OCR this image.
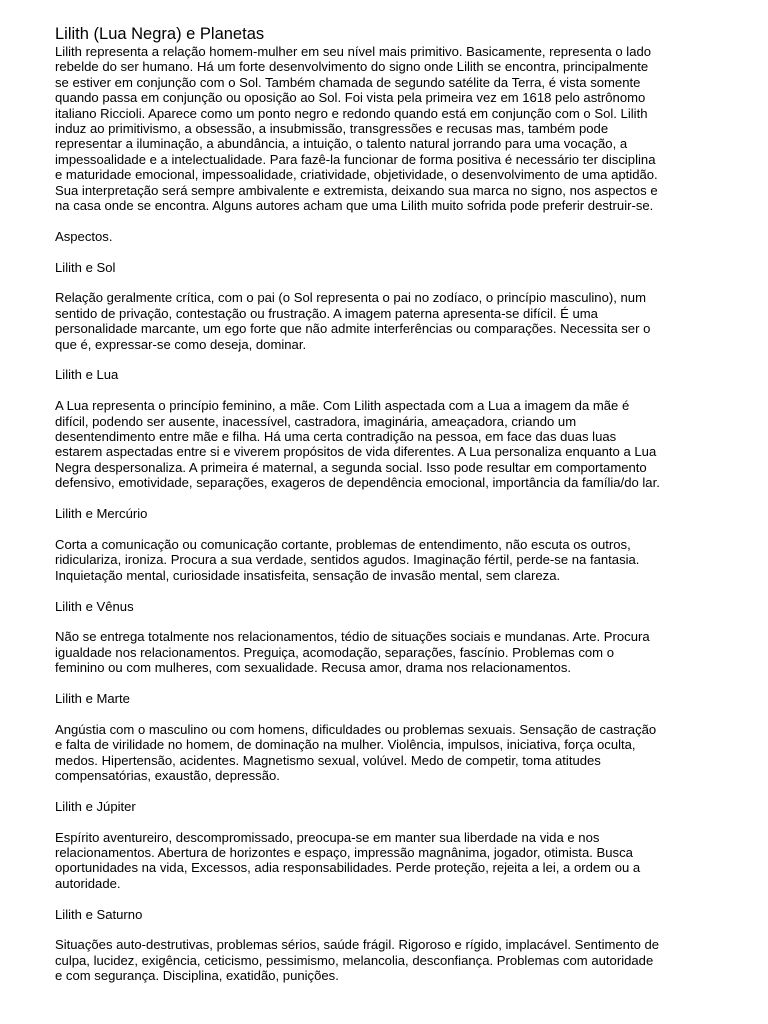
Lilith (Lua Negra) e Planetas

Lilith representa a relação homem-mulher em seu nível mais primitivo. Basicamente, representa o lado
rebelde do ser humano. Há um forte desenvolvimento do signo onde Lilith se encontra, principalmente
se estiver em conjunção com o Sol. Também chamada de segundo satélite da Terra, é vista somente
quando passa em conjunção ou oposição ao Sol. Foi vista pela primeira vez em 1618 pelo astrônomo
italiano Riccioli. Aparece como um ponto negro e redondo quando está em conjunção com o Sol. Lilith
induz ao primitivismo, a obsessão, a insubmissão, transgressões e recusas mas, também pode
representar a iluminação, a abundância, a intuição, o talento natural jorrando para uma vocação, a
impessoalidade e a intelectualidade. Para fazê-la funcionar de forma positiva é necessário ter disciplina
e maturidade emocional, impessoalidade, criatividade, objetividade, o desenvolvimento de uma aptidão.
Sua interpretação será sempre ambivalente e extremista, deixando sua marca no signo, nos aspectos e
na casa onde se encontra. Alguns autores acham que uma Lilith muito sofrida pode preferir destruir-se.

Aspectos.

Lilith e Sol

Relação geralmente crítica, com o pai (o Sol representa o pai no zodíaco, o princípio masculino), num
sentido de privação, contestação ou frustração. A imagem paterna apresenta-se difícil. É uma
personalidade marcante, um ego forte que não admite interferências ou comparações. Necessita ser o
que é, expressar-se como deseja, dominar.

Lilith e Lua

A Lua representa o princípio feminino, a mãe. Com Lilith aspectada com a Lua a imagem da mãe é
difícil, podendo ser ausente, inacessível, castradora, imaginária, ameaçadora, criando um
desentendimento entre mãe e filha. Há uma certa contradição na pessoa, em face das duas luas
estarem aspectadas entre si e viverem propósitos de vida diferentes. A Lua personaliza enquanto a Lua
Negra despersonaliza. A primeira é maternal, a segunda social. Isso pode resultar em comportamento
defensivo, emotividade, separações, exageros de dependência emocional, importância da família/do lar.

Lilith e Mercúrio

Corta a comunicação ou comunicação cortante, problemas de entendimento, não escuta os outros,
ridiculariza, ironiza. Procura a sua verdade, sentidos agudos. Imaginação fértil, perde-se na fantasia.
Inquietação mental, curiosidade insatisfeita, sensação de invasão mental, sem clareza.

Lilith e Vênus

Não se entrega totalmente nos relacionamentos, tédio de situações sociais e mundanas. Arte. Procura
igualdade nos relacionamentos. Preguiça, acomodação, separações, fascínio. Problemas com o
feminino ou com mulheres, com sexualidade. Recusa amor, drama nos relacionamentos.

Lilith e Marte

Angústia com o masculino ou com homens, dificuldades ou problemas sexuais. Sensação de castração
e falta de virilidade no homem, de dominação na mulher. Violência, impulsos, iniciativa, força oculta,
medos. Hipertensão, acidentes. Magnetismo sexual, volúvel. Medo de competir, toma atitudes
compensatórias, exaustão, depressão.

Lilith e Júpiter

Espírito aventureiro, descompromissado, preocupa-se em manter sua liberdade na vida e nos
relacionamentos. Abertura de horizontes e espaço, impressão magnânima, jogador, otimista. Busca
oportunidades na vida, Excessos, adia responsabilidades. Perde proteção, rejeita a lei, a ordem ou a
autoridade.

Lilith e Saturno

Situações auto-destrutivas, problemas sérios, saúde frágil. Rigoroso e rígido, implacável. Sentimento de
culpa, lucidez, exigência, ceticismo, pessimismo, melancolia, desconfiança. Problemas com autoridade
e com segurança. Disciplina, exatidão, punições.
